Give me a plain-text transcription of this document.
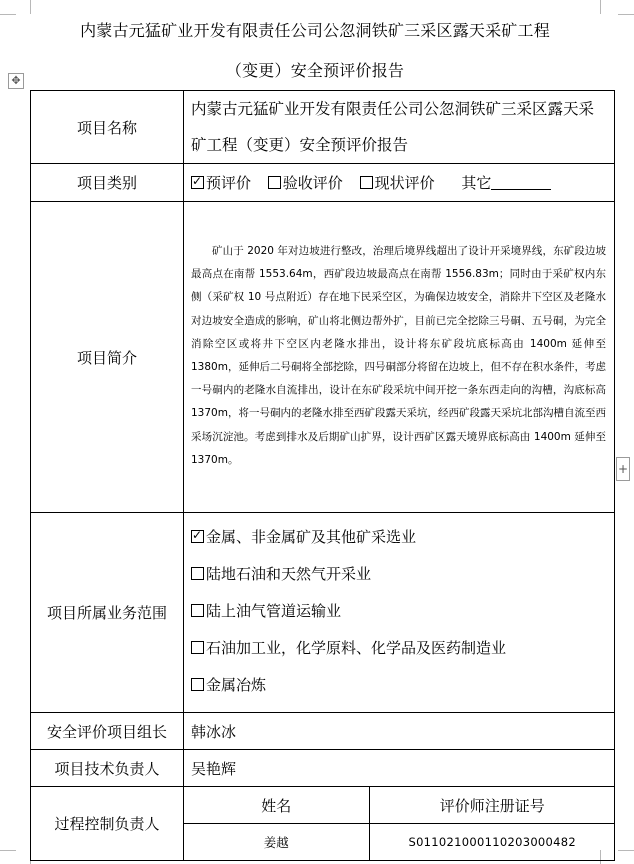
内蒙古元猛矿业开发有限责任公司公忽洞铁矿三采区露天采矿工程
（变更）安全预评价报告
✥
+
项目名称	内蒙古元猛矿业开发有限责任公司公忽洞铁矿三采区露天采矿工程（变更）安全预评价报告
项目类别	✓ 预评价 验收评价 现状评价 其它
项目简介	矿山于 2020 年对边坡进行整改，治理后境界线超出了设计开采境界线，东矿段边坡最高点在南帮 1553.64m，西矿段边坡最高点在南帮 1556.83m；同时由于采矿权内东侧（采矿权 10 号点附近）存在地下民采空区，为确保边坡安全，消除井下空区及老隆水对边坡安全造成的影响，矿山将北侧边帮外扩，目前已完全挖除三号硐、五号硐，为完全消除空区或将井下空区内老隆水排出，设计将东矿段坑底标高由 1400m 延伸至 1380m，延伸后二号硐将全部挖除，四号硐部分将留在边坡上，但不存在积水条件，考虑一号硐内的老隆水自流排出，设计在东矿段采坑中间开挖一条东西走向的沟槽，沟底标高 1370m，将一号硐内的老隆水排至西矿段露天采坑，经西矿段露天采坑北部沟槽自流至西采场沉淀池。考虑到排水及后期矿山扩界，设计西矿区露天境界底标高由 1400m 延伸至 1370m。
项目所属业务范围	
✓ 金属、非金属矿及其他矿采选业
陆地石油和天然气开采业
陆上油气管道运输业
石油加工业，化学原料、化学品及医药制造业
金属冶炼

安全评价项目组长	韩冰冰
项目技术负责人	吴艳辉
过程控制负责人	
姓名	评价师注册证号
姜越	S011021000110203000482
